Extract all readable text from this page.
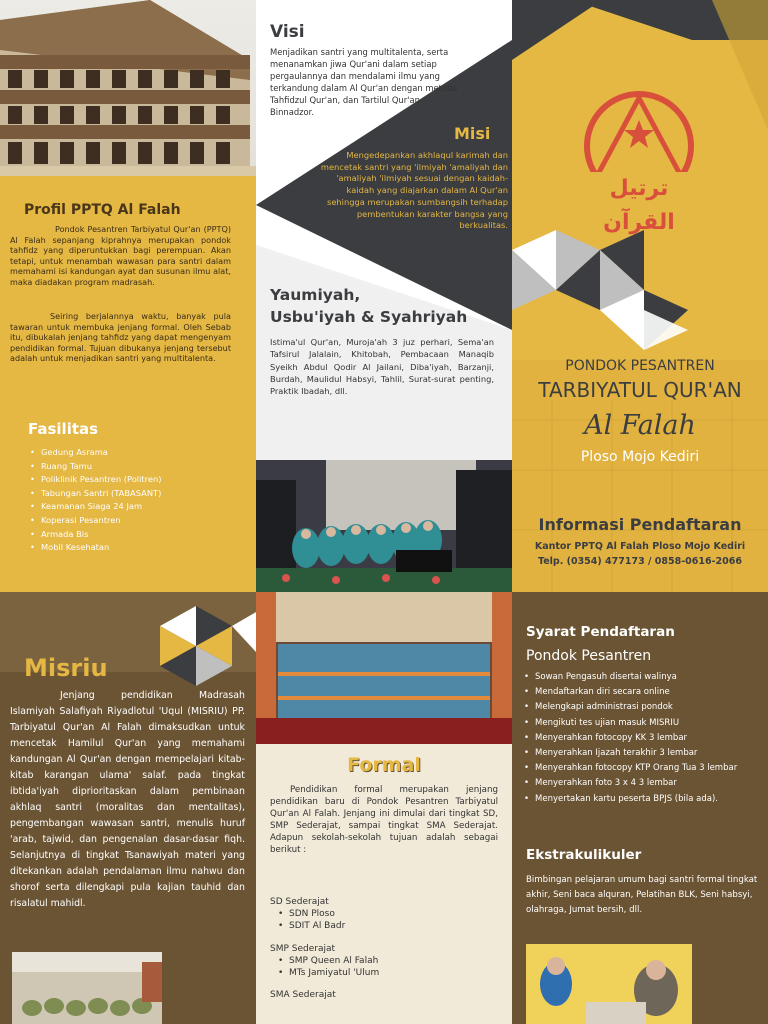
Profil PPTQ Al Falah
Pondok Pesantren Tarbiyatul Qur'an (PPTQ) Al Falah sepanjang kiprahnya merupakan pondok tahfidz yang diperuntukkan bagi perempuan. Akan tetapi, untuk menambah wawasan para santri dalam memahami isi kandungan ayat dan susunan ilmu alat, maka diadakan program madrasah.
Seiring berjalannya waktu, banyak pula tawaran untuk membuka jenjang formal. Oleh Sebab itu, dibukalah jenjang tahfidz yang dapat mengenyam pendidikan formal. Tujuan dibukanya jenjang tersebut adalah untuk menjadikan santri yang multitalenta.
Fasilitas
• Gedung Asrama
• Ruang Tamu
• Poliklinik Pesantren (Politren)
• Tabungan Santri (TABASANT)
• Keamanan Siaga 24 Jam
• Koperasi Pesantren
• Armada Bis
• Mobil Kesehatan
Visi
Menjadikan santri yang multitalenta, serta menanamkan jiwa Qur'ani dalam setiap pergaulannya dan mendalami ilmu yang terkandung dalam Al Qur'an dengan metode Tahfidzul Qur'an, dan Tartilul Qur'an Binnadzor.
Misi
Mengedepankan akhlaqul karimah dan mencetak santri yang 'ilmiyah 'amaliyah dan 'amaliyah 'ilmiyah sesuai dengan kaidah-kaidah yang diajarkan dalam Al Qur'an sehingga merupakan sumbangsih terhadap pembentukan karakter bangsa yang berkualitas.
Yaumiyah,
Usbu'iyah & Syahriyah
Istima'ul Qur'an, Muroja'ah 3 juz perhari, Sema'an Tafsirul Jalalain, Khitobah, Pembacaan Manaqib Syeikh Abdul Qodir Al Jailani, Diba'iyah, Barzanji, Burdah, Maulidul Habsyi, Tahlil, Surat-surat penting, Praktik Ibadah, dll.
ترتيل القرآن
PONDOK PESANTREN
TARBIYATUL QUR'AN
Al Falah
Ploso Mojo Kediri
Informasi Pendaftaran
Kantor PPTQ Al Falah Ploso Mojo Kediri
Telp. (0354) 477173 / 0858-0616-2066
Misriu
Jenjang pendidikan Madrasah Islamiyah Salafiyah Riyadlotul 'Uqul (MISRIU) PP. Tarbiyatul Qur'an Al Falah dimaksudkan untuk mencetak Hamilul Qur'an yang memahami kandungan Al Qur'an dengan mempelajari kitab-kitab karangan ulama' salaf. pada tingkat ibtida'iyah diprioritaskan dalam pembinaan akhlaq santri (moralitas dan mentalitas), pengembangan wawasan santri, menulis huruf 'arab, tajwid, dan pengenalan dasar-dasar fiqh. Selanjutnya di tingkat Tsanawiyah materi yang ditekankan adalah pendalaman ilmu nahwu dan shorof serta dilengkapi pula kajian tauhid dan risalatul mahidl.
Formal
Pendidikan formal merupakan jenjang pendidikan baru di Pondok Pesantren Tarbiyatul Qur'an Al Falah. Jenjang ini dimulai dari tingkat SD, SMP Sederajat, sampai tingkat SMA Sederajat. Adapun sekolah-sekolah tujuan adalah sebagai berikut :
SD Sederajat
• SDN Ploso
• SDIT Al Badr
SMP Sederajat
• SMP Queen Al Falah
• MTs Jamiyatul 'Ulum
SMA Sederajat
Syarat Pendaftaran
Pondok Pesantren
• Sowan Pengasuh disertai walinya
• Mendaftarkan diri secara online
• Melengkapi administrasi pondok
• Mengikuti tes ujian masuk MISRIU
• Menyerahkan fotocopy KK 3 lembar
• Menyerahkan Ijazah terakhir 3 lembar
• Menyerahkan fotocopy KTP Orang Tua 3 lembar
• Menyerahkan foto 3 x 4 3 lembar
• Menyertakan kartu peserta BPJS (bila ada).
Ekstrakulikuler
Bimbingan pelajaran umum bagi santri formal tingkat akhir, Seni baca alquran, Pelatihan BLK, Seni habsyi, olahraga, Jumat bersih, dll.
